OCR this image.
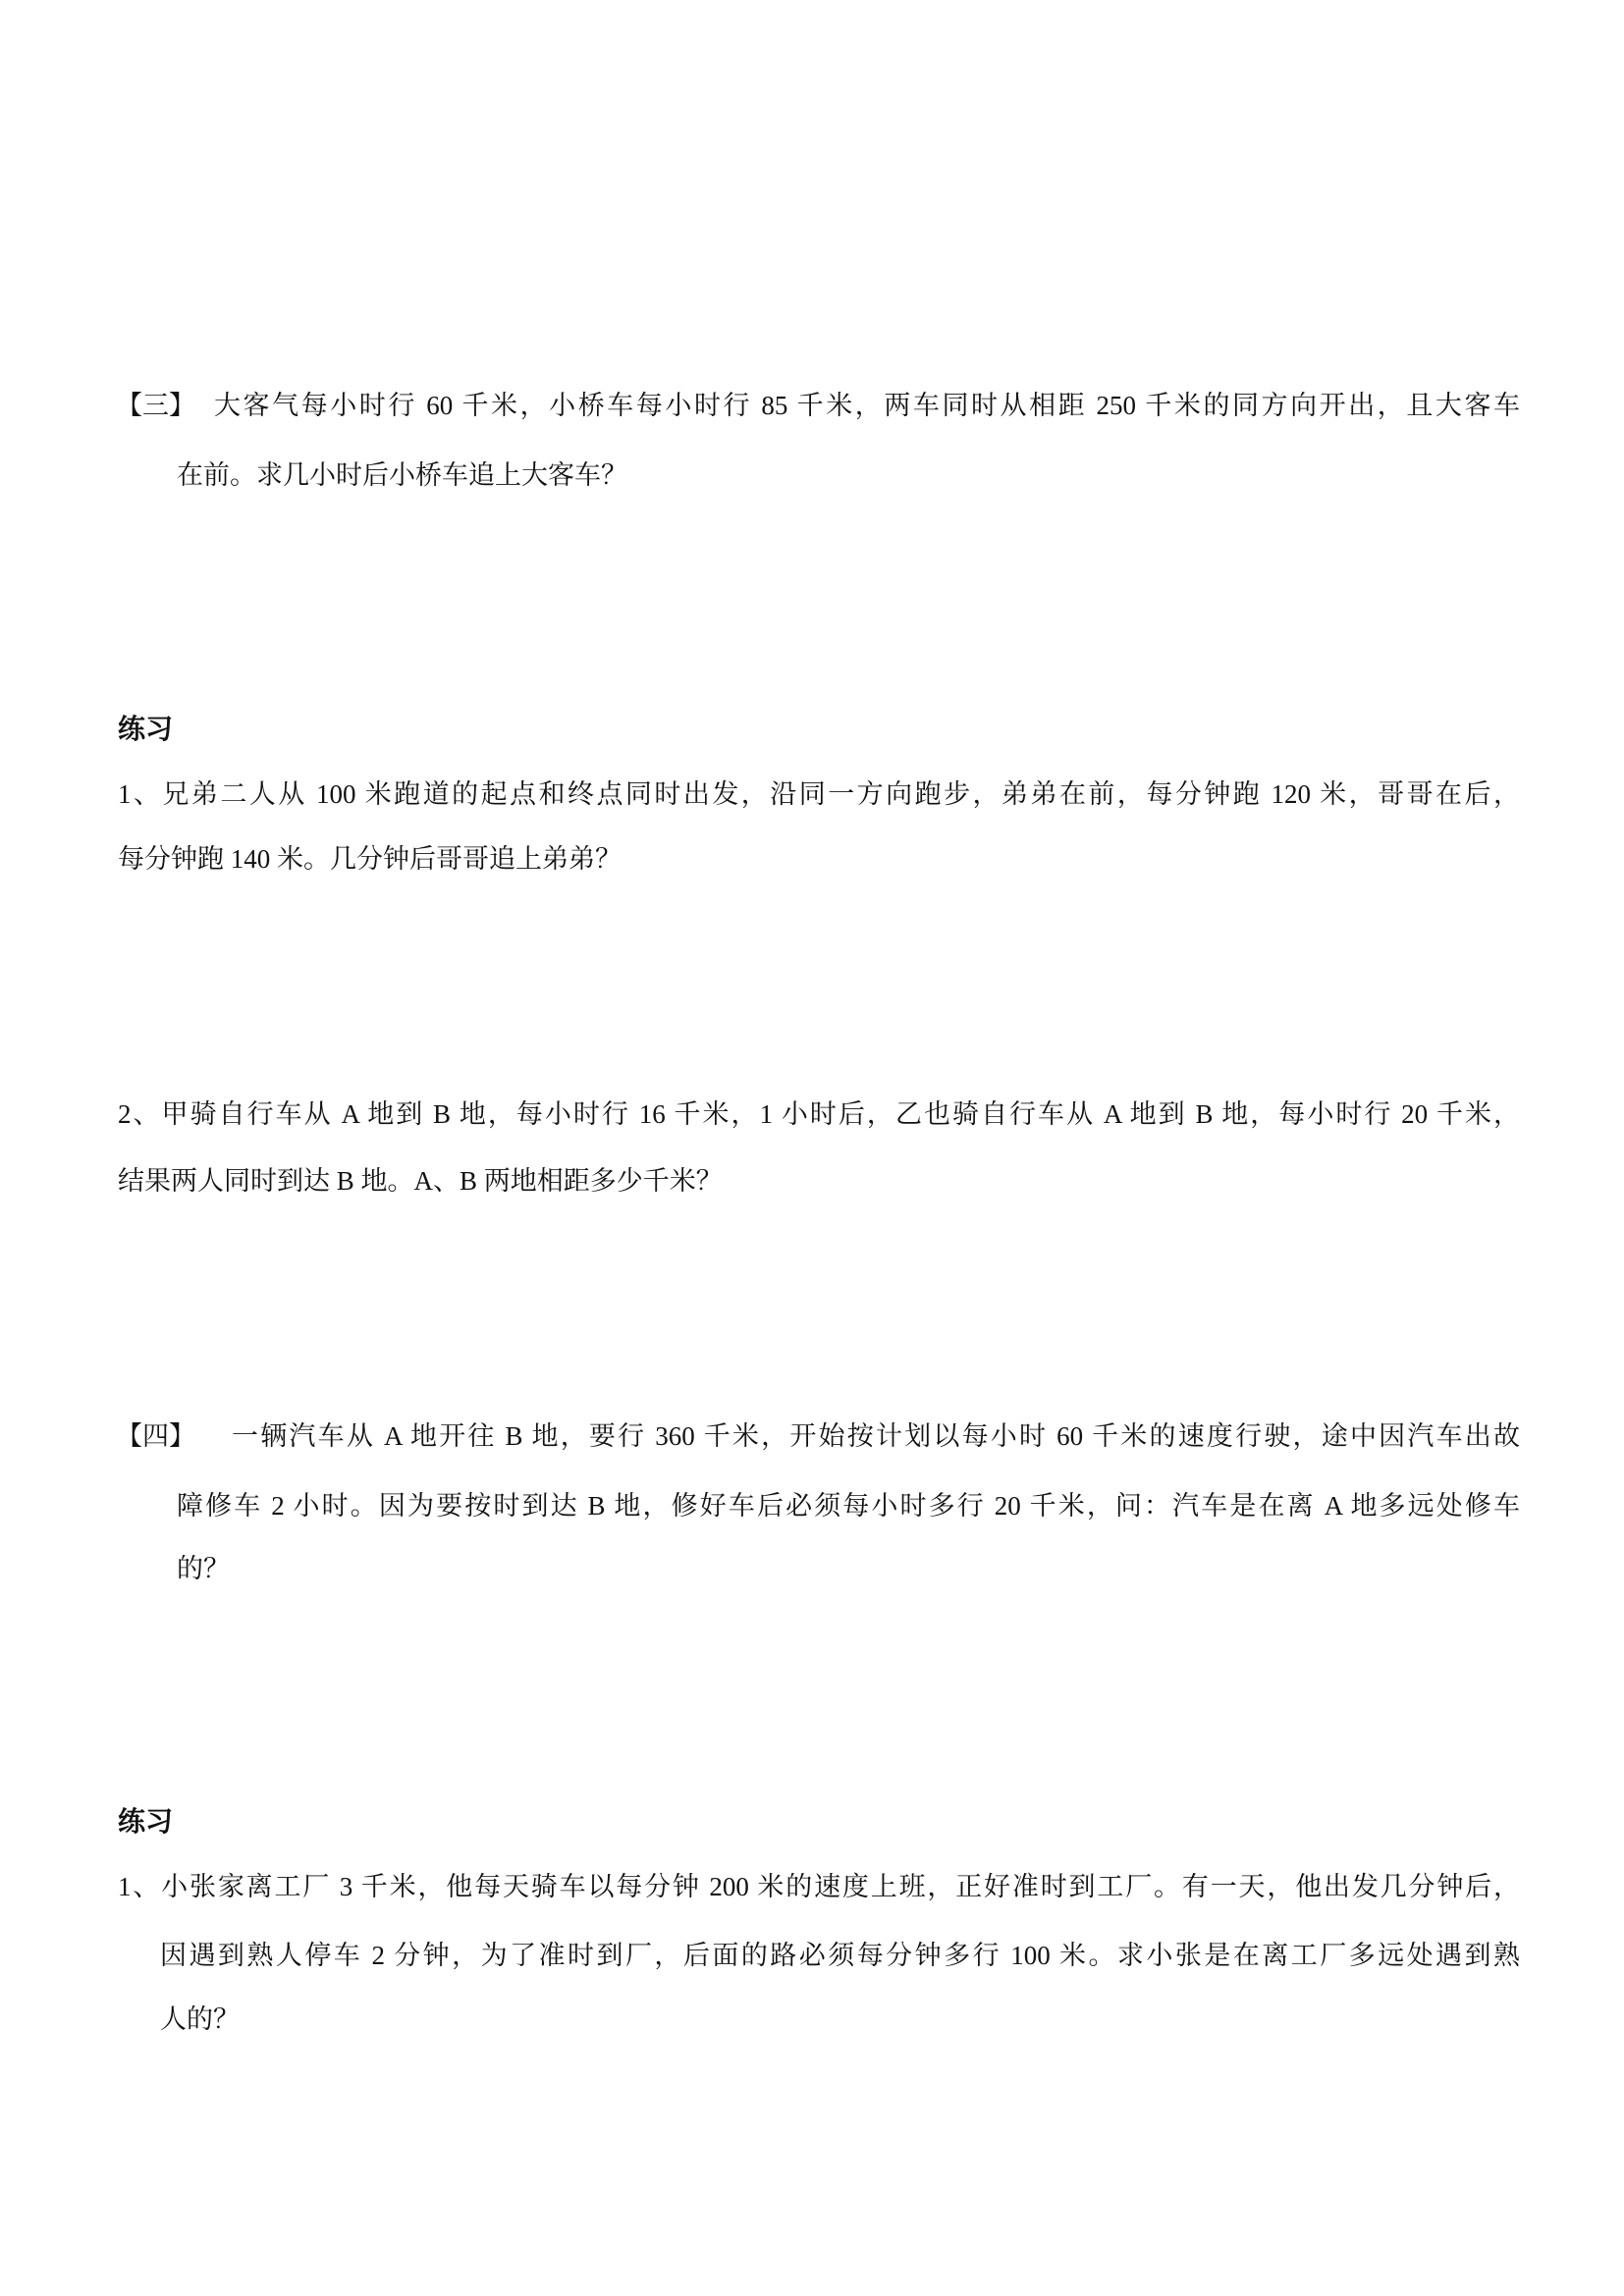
【三】 大客气每小时行 60 千米，小桥车每小时行 85 千米，两车同时从相距 250 千米的同方向开出，且大客车
在前。求几小时后小桥车追上大客车？
练习
1、兄弟二人从 100 米跑道的起点和终点同时出发，沿同一方向跑步，弟弟在前，每分钟跑 120 米，哥哥在后，
每分钟跑 140 米。几分钟后哥哥追上弟弟？
2、甲骑自行车从 A 地到 B 地，每小时行 16 千米，1 小时后，乙也骑自行车从 A 地到 B 地，每小时行 20 千米，
结果两人同时到达 B 地。A、B 两地相距多少千米？
【四】 一辆汽车从 A 地开往 B 地，要行 360 千米，开始按计划以每小时 60 千米的速度行驶，途中因汽车出故
障修车 2 小时。因为要按时到达 B 地，修好车后必须每小时多行 20 千米，问：汽车是在离 A 地多远处修车
的？
练习
1、小张家离工厂 3 千米，他每天骑车以每分钟 200 米的速度上班，正好准时到工厂。有一天，他出发几分钟后，
因遇到熟人停车 2 分钟，为了准时到厂，后面的路必须每分钟多行 100 米。求小张是在离工厂多远处遇到熟
人的？
